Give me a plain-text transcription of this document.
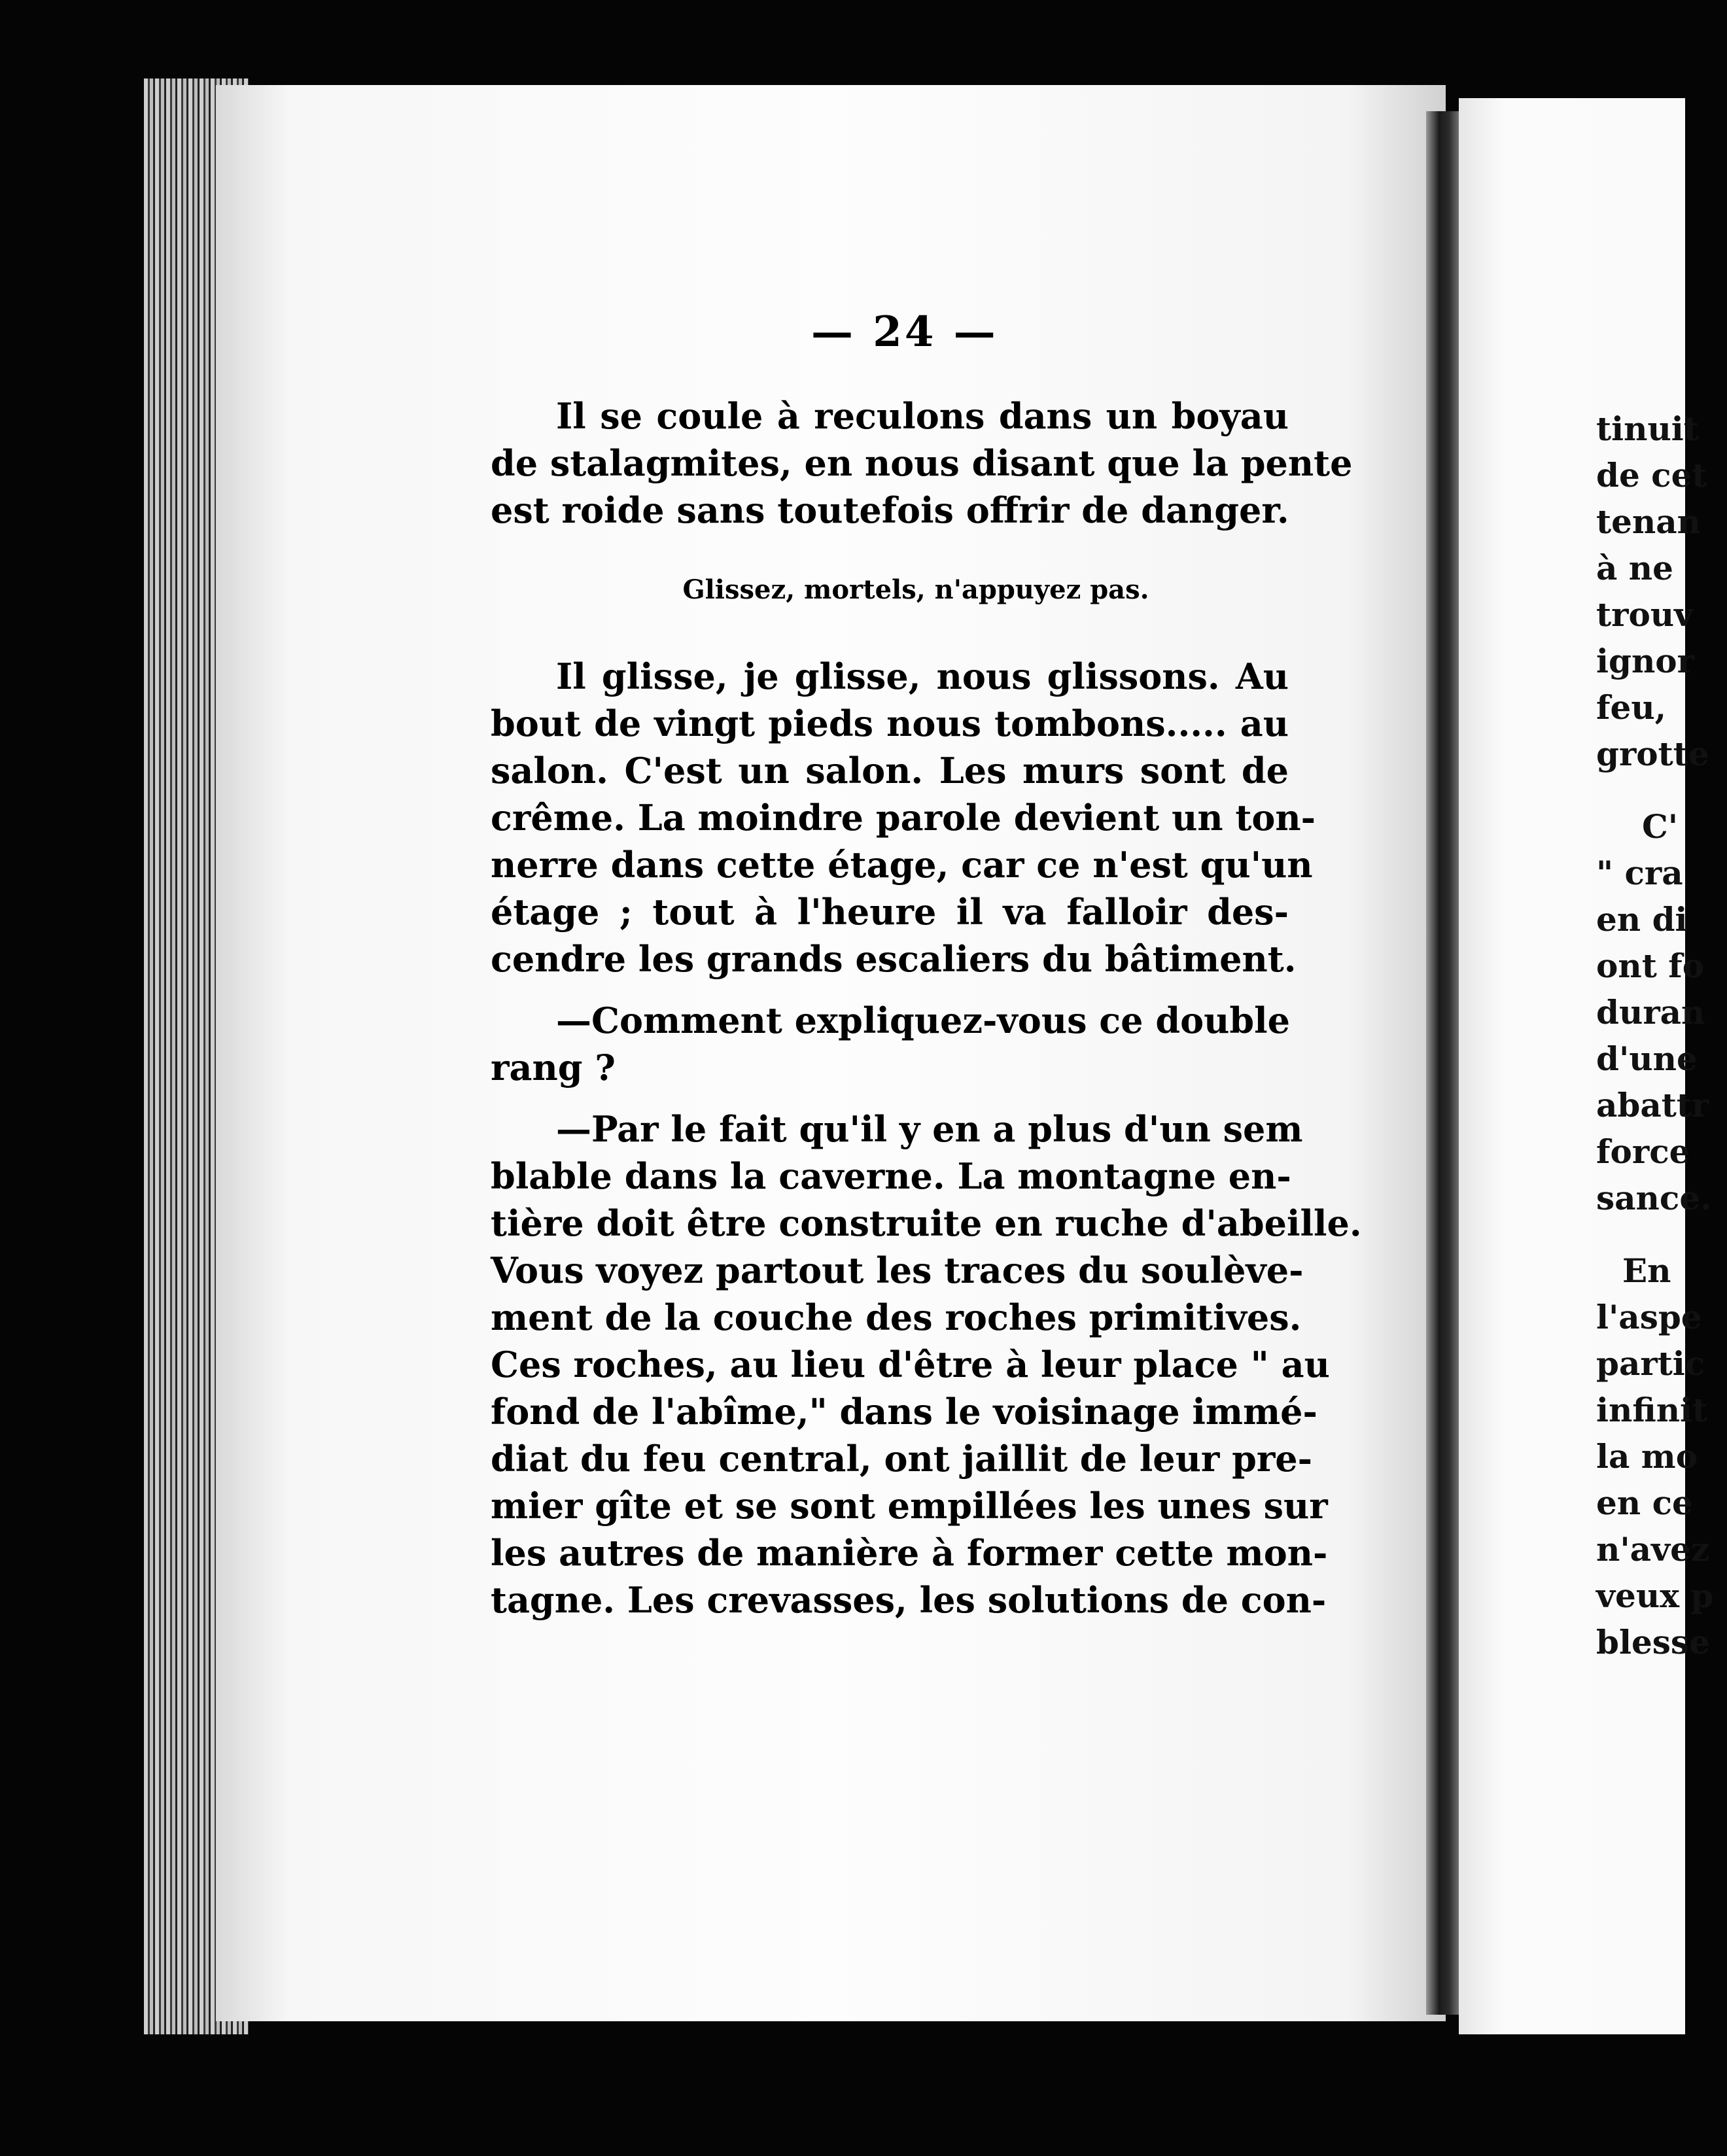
— 24 —
Il se coule à reculons dans un boyau
de stalagmites, en nous disant que la pente
est roide sans toutefois offrir de danger.
Glissez, mortels, n'appuyez pas.
Il glisse, je glisse, nous glissons. Au
bout de vingt pieds nous tombons..... au
salon. C'est un salon. Les murs sont de
crême. La moindre parole devient un ton-
nerre dans cette étage, car ce n'est qu'un
étage ; tout à l'heure il va falloir des-
cendre les grands escaliers du bâtiment.
—Comment expliquez-vous ce double
rang ?
—Par le fait qu'il y en a plus d'un sem
blable dans la caverne. La montagne en-
tière doit être construite en ruche d'abeille.
Vous voyez partout les traces du soulève-
ment de la couche des roches primitives.
Ces roches, au lieu d'être à leur place " au
fond de l'abîme," dans le voisinage immé-
diat du feu central, ont jaillit de leur pre-
mier gîte et se sont empillées les unes sur
les autres de manière à former cette mon-
tagne. Les crevasses, les solutions de con-
tinuit
de cet
tenan
à ne
trouv
ignor
feu,
grotte
C'
" cra
en di
ont fo
duran
d'une
abattr
force
sance.
En
l'aspe
partic
infinit
la mo
en ce
n'avez
veux p
blesse
